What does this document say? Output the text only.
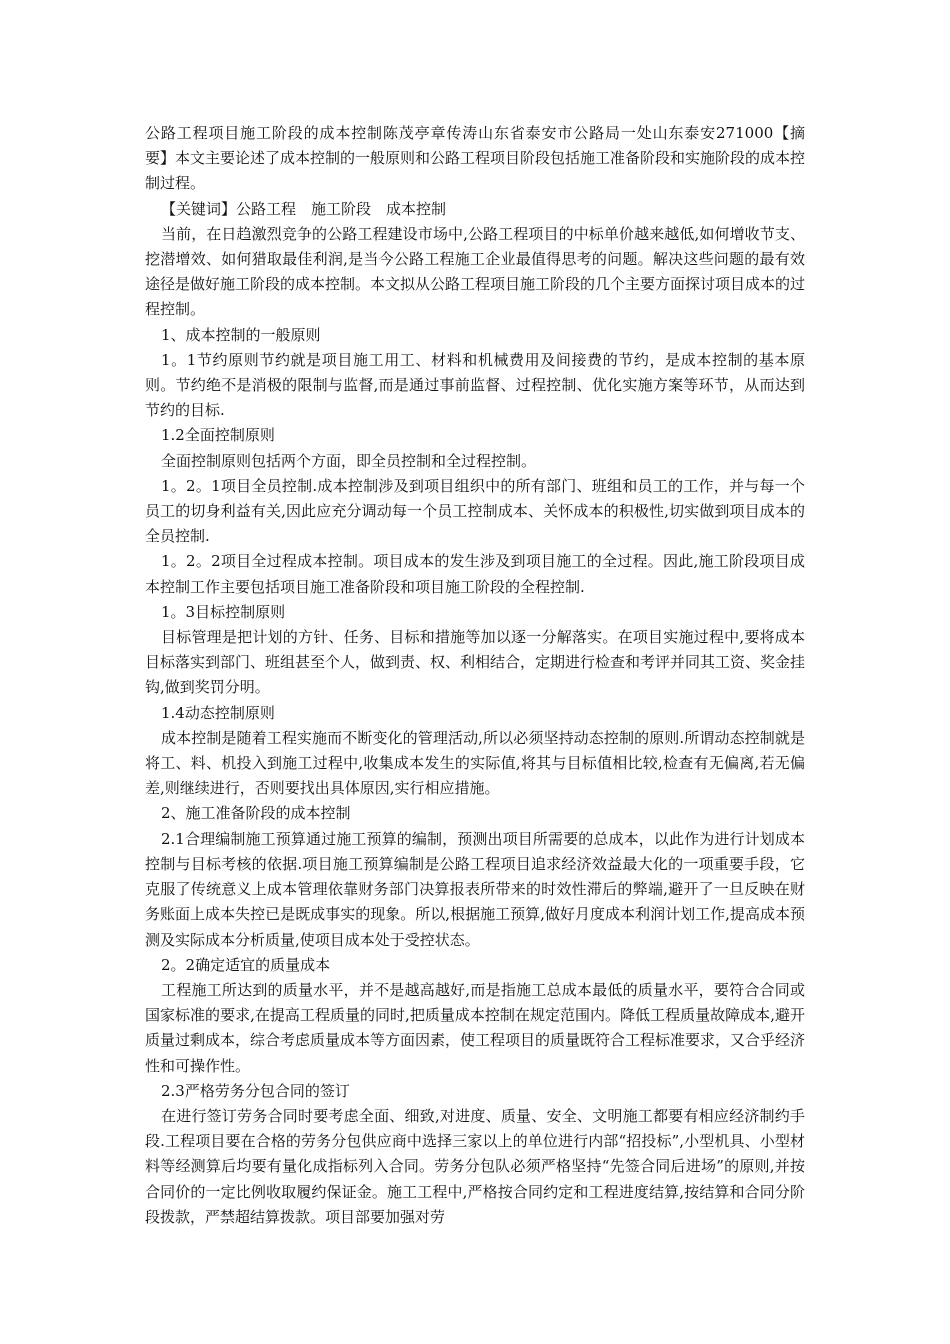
公路工程项目施工阶段的成本控制陈茂亭章传涛山东省泰安市公路局一处山东泰安271000【摘　要】本文主要论述了成本控制的一般原则和公路工程项目阶段包括施工准备阶段和实施阶段的成本控制过程。

【关键词】公路工程　施工阶段　成本控制

当前，在日趋激烈竞争的公路工程建设市场中,公路工程项目的中标单价越来越低,如何增收节支、挖潜增效、如何猎取最佳利润,是当今公路工程施工企业最值得思考的问题。解决这些问题的最有效途径是做好施工阶段的成本控制。本文拟从公路工程项目施工阶段的几个主要方面探讨项目成本的过程控制。

1、成本控制的一般原则

1。1节约原则节约就是项目施工用工、材料和机械费用及间接费的节约，是成本控制的基本原则。节约绝不是消极的限制与监督,而是通过事前监督、过程控制、优化实施方案等环节，从而达到节约的目标.

1.2全面控制原则

全面控制原则包括两个方面，即全员控制和全过程控制。

1。2。1项目全员控制.成本控制涉及到项目组织中的所有部门、班组和员工的工作，并与每一个员工的切身利益有关,因此应充分调动每一个员工控制成本、关怀成本的积极性,切实做到项目成本的全员控制.

1。2。2项目全过程成本控制。项目成本的发生涉及到项目施工的全过程。因此,施工阶段项目成本控制工作主要包括项目施工准备阶段和项目施工阶段的全程控制.

1。3目标控制原则

目标管理是把计划的方针、任务、目标和措施等加以逐一分解落实。在项目实施过程中,要将成本目标落实到部门、班组甚至个人，做到责、权、利相结合，定期进行检查和考评并同其工资、奖金挂钩,做到奖罚分明。

1.4动态控制原则

成本控制是随着工程实施而不断变化的管理活动,所以必须坚持动态控制的原则.所谓动态控制就是将工、料、机投入到施工过程中,收集成本发生的实际值,将其与目标值相比较,检查有无偏离,若无偏差,则继续进行，否则要找出具体原因,实行相应措施。

2、施工准备阶段的成本控制

2.1合理编制施工预算通过施工预算的编制，预测出项目所需要的总成本，以此作为进行计划成本控制与目标考核的依据.项目施工预算编制是公路工程项目追求经济效益最大化的一项重要手段，它克服了传统意义上成本管理依靠财务部门决算报表所带来的时效性滞后的弊端,避开了一旦反映在财务账面上成本失控已是既成事实的现象。所以,根据施工预算,做好月度成本利润计划工作,提高成本预测及实际成本分析质量,使项目成本处于受控状态。

2。2确定适宜的质量成本

工程施工所达到的质量水平，并不是越高越好,而是指施工总成本最低的质量水平，要符合合同或国家标准的要求,在提高工程质量的同时,把质量成本控制在规定范围内。降低工程质量故障成本,避开质量过剩成本，综合考虑质量成本等方面因素，使工程项目的质量既符合工程标准要求，又合乎经济性和可操作性。

2.3严格劳务分包合同的签订

在进行签订劳务合同时要考虑全面、细致,对进度、质量、安全、文明施工都要有相应经济制约手段.工程项目要在合格的劳务分包供应商中选择三家以上的单位进行内部“招投标”,小型机具、小型材料等经测算后均要有量化成指标列入合同。劳务分包队必须严格坚持“先签合同后进场”的原则,并按合同价的一定比例收取履约保证金。施工工程中,严格按合同约定和工程进度结算,按结算和合同分阶段拨款，严禁超结算拨款。项目部要加强对劳
